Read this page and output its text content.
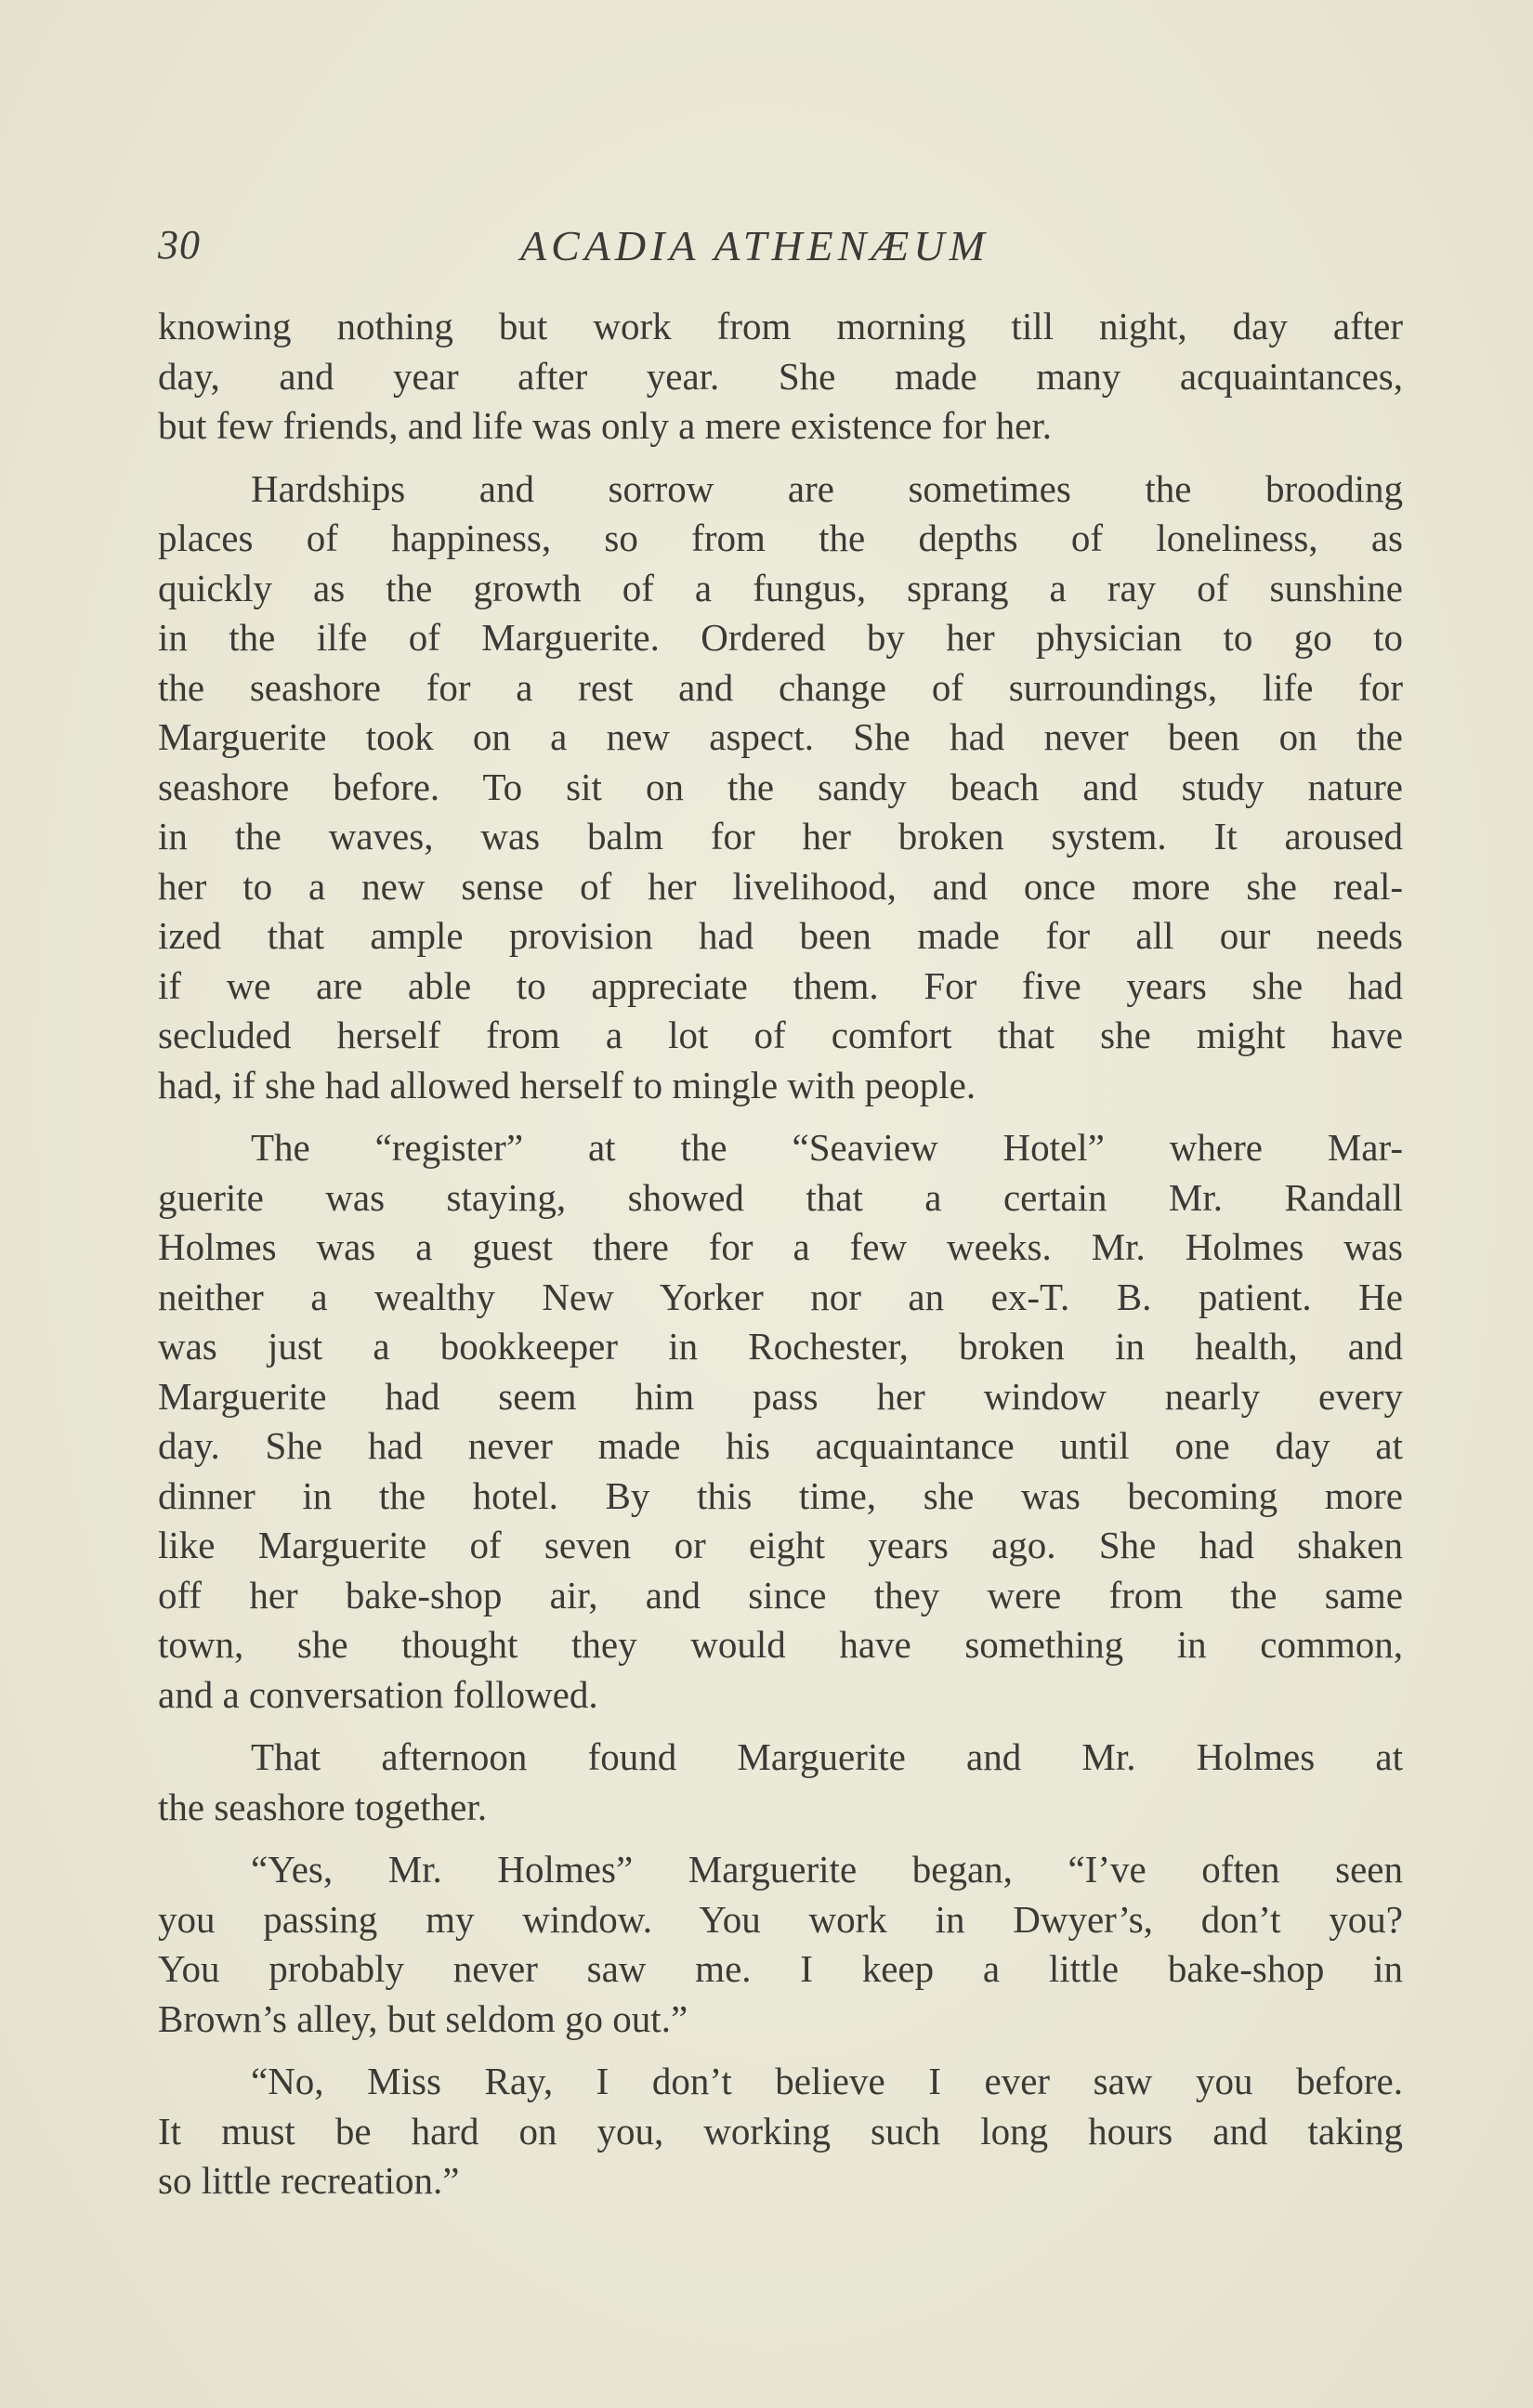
30	ACADIA ATHENÆUM
knowing nothing but work from morning till night, day after
day, and year after year. She made many acquaintances,
but few friends, and life was only a mere existence for her.
Hardships and sorrow are sometimes the brooding
places of happiness, so from the depths of loneliness, as
quickly as the growth of a fungus, sprang a ray of sunshine
in the ilfe of Marguerite. Ordered by her physician to go to
the seashore for a rest and change of surroundings, life for
Marguerite took on a new aspect. She had never been on the
seashore before. To sit on the sandy beach and study nature
in the waves, was balm for her broken system. It aroused
her to a new sense of her livelihood, and once more she real-
ized that ample provision had been made for all our needs
if we are able to appreciate them. For five years she had
secluded herself from a lot of comfort that she might have
had, if she had allowed herself to mingle with people.
The “register” at the “Seaview Hotel” where Mar-
guerite was staying, showed that a certain Mr. Randall
Holmes was a guest there for a few weeks. Mr. Holmes was
neither a wealthy New Yorker nor an ex-T. B. patient. He
was just a bookkeeper in Rochester, broken in health, and
Marguerite had seem him pass her window nearly every
day. She had never made his acquaintance until one day at
dinner in the hotel. By this time, she was becoming more
like Marguerite of seven or eight years ago. She had shaken
off her bake-shop air, and since they were from the same
town, she thought they would have something in common,
and a conversation followed.
That afternoon found Marguerite and Mr. Holmes at
the seashore together.
“Yes, Mr. Holmes” Marguerite began, “I’ve often seen
you passing my window. You work in Dwyer’s, don’t you?
You probably never saw me. I keep a little bake-shop in
Brown’s alley, but seldom go out.”
“No, Miss Ray, I don’t believe I ever saw you before.
It must be hard on you, working such long hours and taking
so little recreation.”
